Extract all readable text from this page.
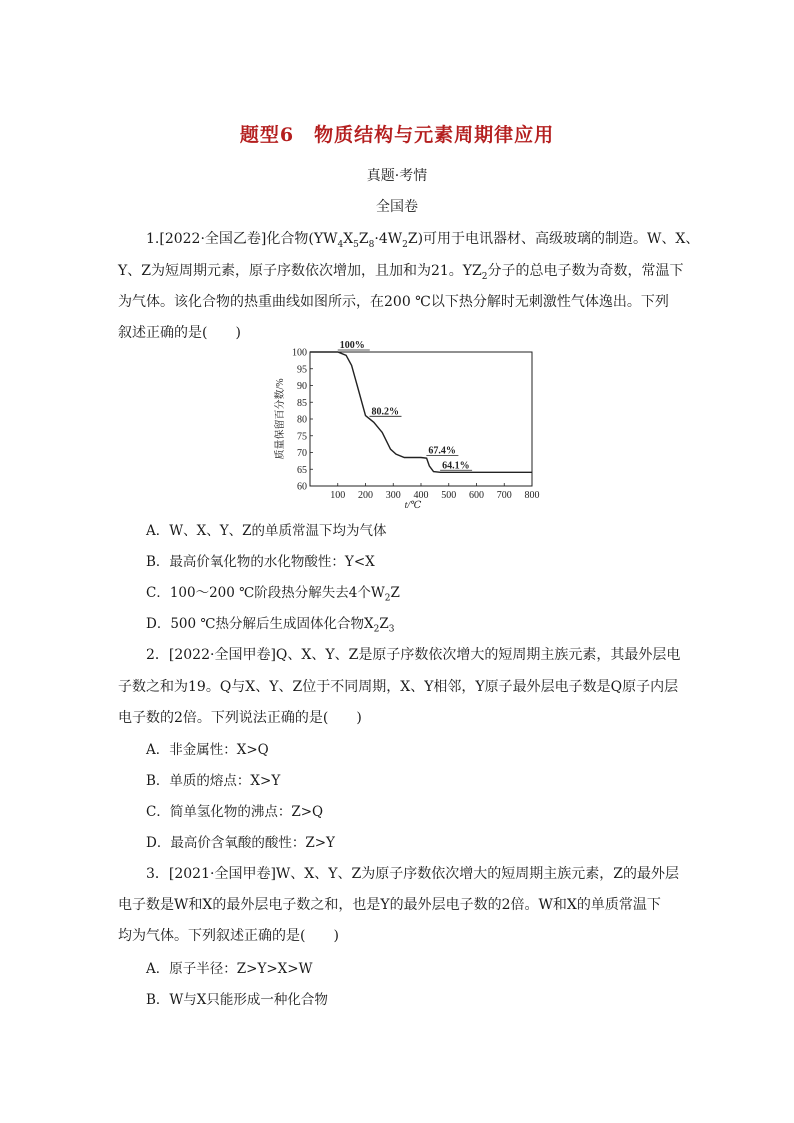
题型6　物质结构与元素周期律应用
真题·考情
全国卷
1.[2022·全国乙卷]化合物$(YW_4X_5Z_8\cdot 4W_2Z)$可用于电讯器材、高级玻璃的制造。W、X、
Y、Z为短周期元素，原子序数依次增加，且加和为21。$YZ_2$分子的总电子数为奇数，常温下
为气体。该化合物的热重曲线如图所示，在200 ℃以下热分解时无刺激性气体逸出。下列
叙述正确的是(　　)
100 200 300 400 500 600 700 800
100
95
90
85
80
75
70
65
60
t/℃
质量保留百分数/%
100%
80.2%
67.4%
64.1%
A．W、X、Y、Z的单质常温下均为气体
B．最高价氧化物的水化物酸性：Y<X
C．100～200 ℃阶段热分解失去4个$W_2Z$
D．500 ℃热分解后生成固体化合物$X_2Z_3$
2．[2022·全国甲卷]Q、X、Y、Z是原子序数依次增大的短周期主族元素，其最外层电
子数之和为19。Q与X、Y、Z位于不同周期，X、Y相邻，Y原子最外层电子数是Q原子内层
电子数的2倍。下列说法正确的是(　　)
A．非金属性：X>Q
B．单质的熔点：X>Y
C．简单氢化物的沸点：Z>Q
D．最高价含氧酸的酸性：Z>Y
3．[2021·全国甲卷]W、X、Y、Z为原子序数依次增大的短周期主族元素，Z的最外层
电子数是W和X的最外层电子数之和，也是Y的最外层电子数的2倍。W和X的单质常温下
均为气体。下列叙述正确的是(　　)
A．原子半径：Z>Y>X>W
B．W与X只能形成一种化合物
